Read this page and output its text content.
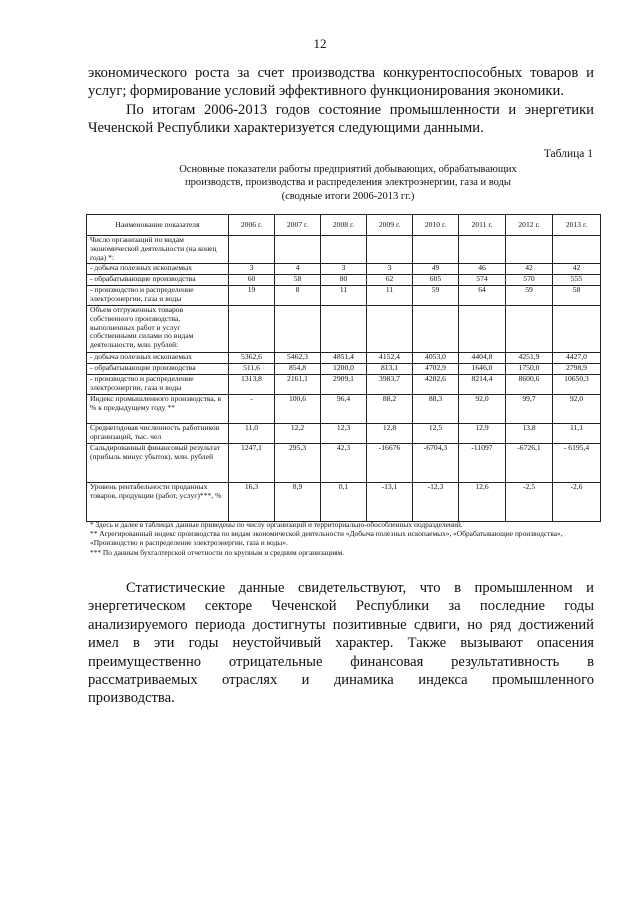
12

экономического роста за счет производства конкурентоспособных товаров и
услуг; формирование условий эффективного функционирования экономики.
По итогам 2006-2013 годов состояние промышленности и энергетики
Чеченской Республики характеризуется следующими данными.

Таблица 1
Основные показатели работы предприятий добывающих, обрабатывающих
производств, производства и распределения электроэнергии, газа и воды
(сводные итоги 2006-2013 гг.)
Наименование показателя	2006 г.	2007 г.	2008 г.	2009 г.	2010 г.	2011 г.	2012 г.	2013 г.
Число организаций по видам экономической деятельности (на конец года) *:								
- добыча полезных ископаемых	3	4	3	3	49	46	42	42
- обрабатывающие производства	60	58	80	62	605	574	570	555
- производство и распределение электроэнергии, газа и воды	19	8	11	11	59	64	59	58
Объем отгруженных товаров собственного производства, выполненных работ и услуг собственными силами по видам деятельности, млн. рублей:								
- добыча полезных ископаемых	5362,6	5462,3	4851,4	4152,4	4053,0	4404,8	4251,9	4427,0
- обрабатывающие производства	511,6	854,8	1200,0	813,1	4702,9	1646,0	1750,0	2798,9
- производство и распределение электроэнергии, газа и воды	1313,8	2161,1	2909,1	3983,7	4282,6	8214,4	8600,6	10650,3
Индекс промышленного производства, в % к предыдущему году **	-	100,6	96,4	88,2	88,3	92,0	99,7	92,0
Среднегодовая численность работников организаций, тыс. чел	11,0	12,2	12,3	12,8	12,5	12,9	13,8	11,1
Сальдированный финансовый результат (прибыль минус убыток), млн. рублей	1247,1	295,3	42,3	-16676	-6704,3	-11097	-6726,1	- 6195,4
Уровень рентабельности проданных товаров, продукции (работ, услуг)***, %	16,3	8,9	0,1	-13,1	-12,3	12,6	-2,5	-2,6
* Здесь и далее в таблицах данные приведены по числу организаций и территориально-обособленных подразделений.
** Агрегированный индекс производства по видам экономической деятельности «Добыча полезных ископаемых», «Обрабатывающие производства», «Производство и распределение электроэнергии, газа и воды».
*** По данным бухгалтерской отчетности по крупным и средним организациям.

Статистические данные свидетельствуют, что в промышленном и
энергетическом секторе Чеченской Республики за последние годы
анализируемого периода достигнуты позитивные сдвиги, но ряд достижений
имел в эти годы неустойчивый характер. Также вызывают опасения
преимущественно отрицательные финансовая результативность в
рассматриваемых отраслях и динамика индекса промышленного
производства.
